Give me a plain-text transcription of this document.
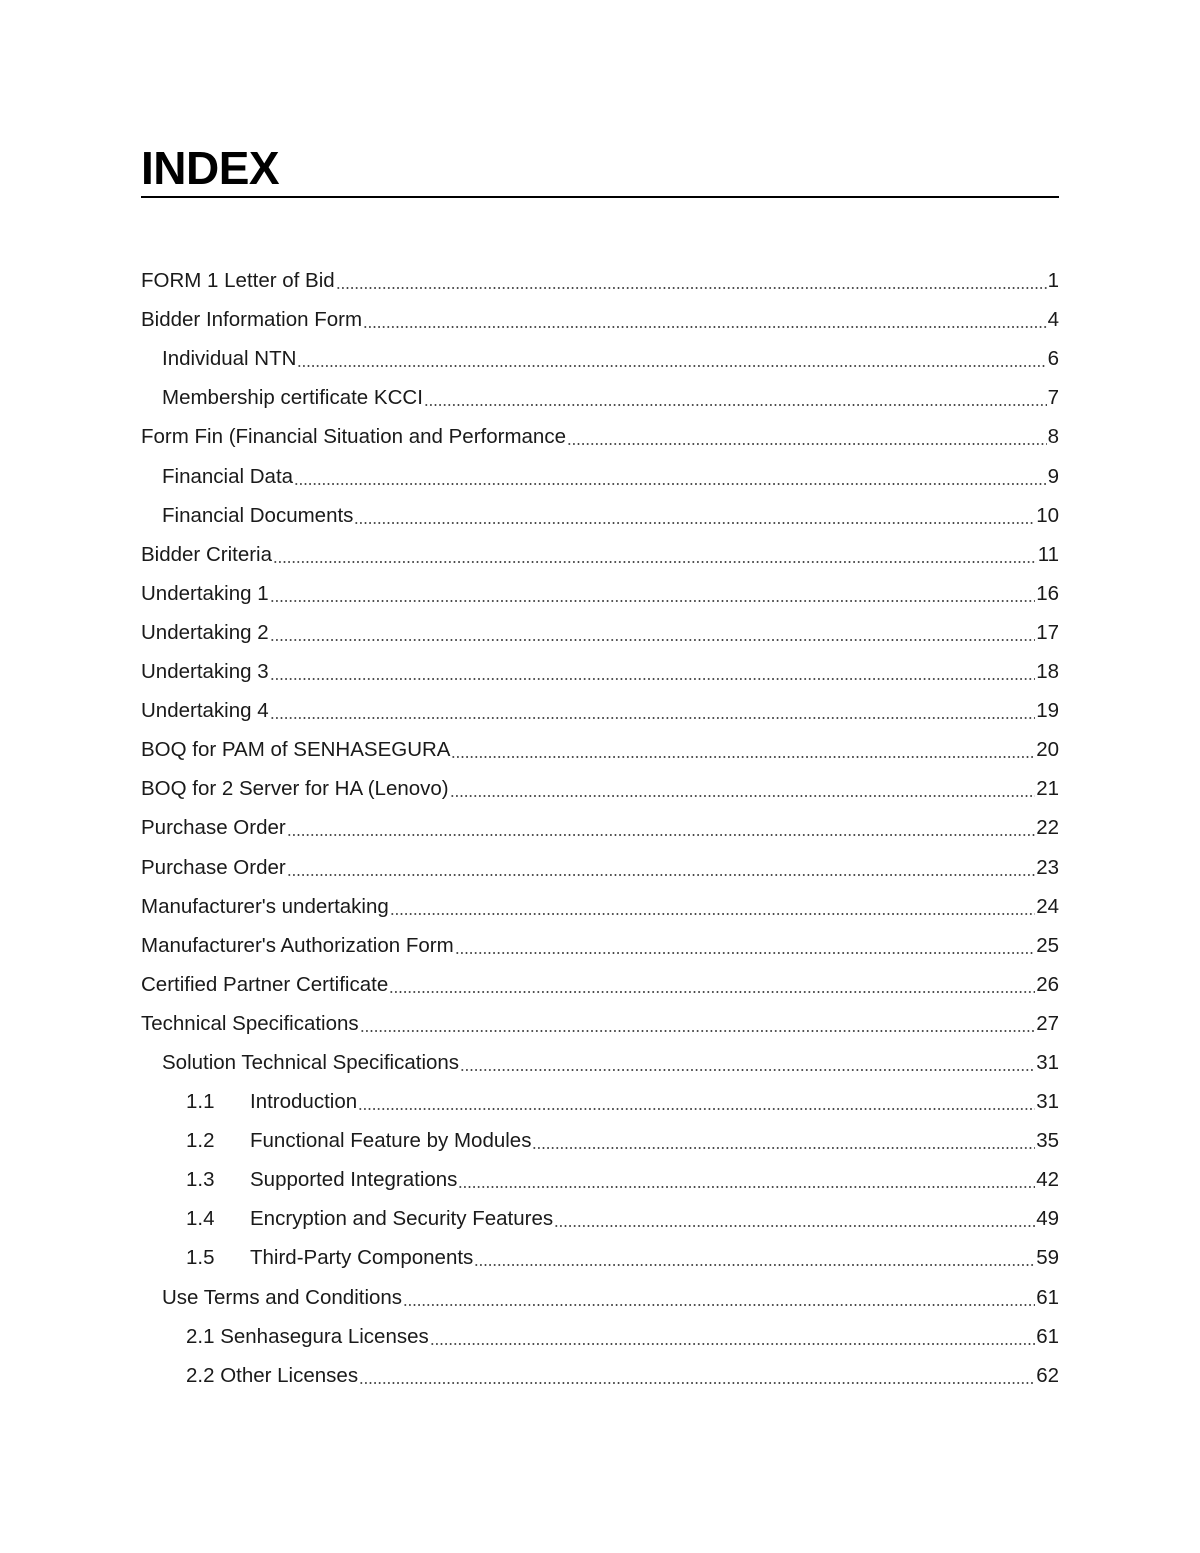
INDEX
FORM 1 Letter of Bid	1
Bidder Information Form	4
Individual NTN	6
Membership certificate KCCI	7
Form Fin (Financial Situation and Performance	8
Financial Data	9
Financial Documents	10
Bidder Criteria	11
Undertaking 1	16
Undertaking 2	17
Undertaking 3	18
Undertaking 4	19
BOQ for PAM of SENHASEGURA	20
BOQ for 2 Server for HA (Lenovo)	21
Purchase Order	22
Purchase Order	23
Manufacturer's undertaking	24
Manufacturer's Authorization Form	25
Certified Partner Certificate	26
Technical Specifications	27
Solution Technical Specifications	31
1.1	Introduction	31
1.2	Functional Feature by Modules	35
1.3	Supported Integrations	42
1.4	Encryption and Security Features	49
1.5	Third-Party Components	59
Use Terms and Conditions	61
2.1 Senhasegura Licenses	61
2.2 Other Licenses	62
